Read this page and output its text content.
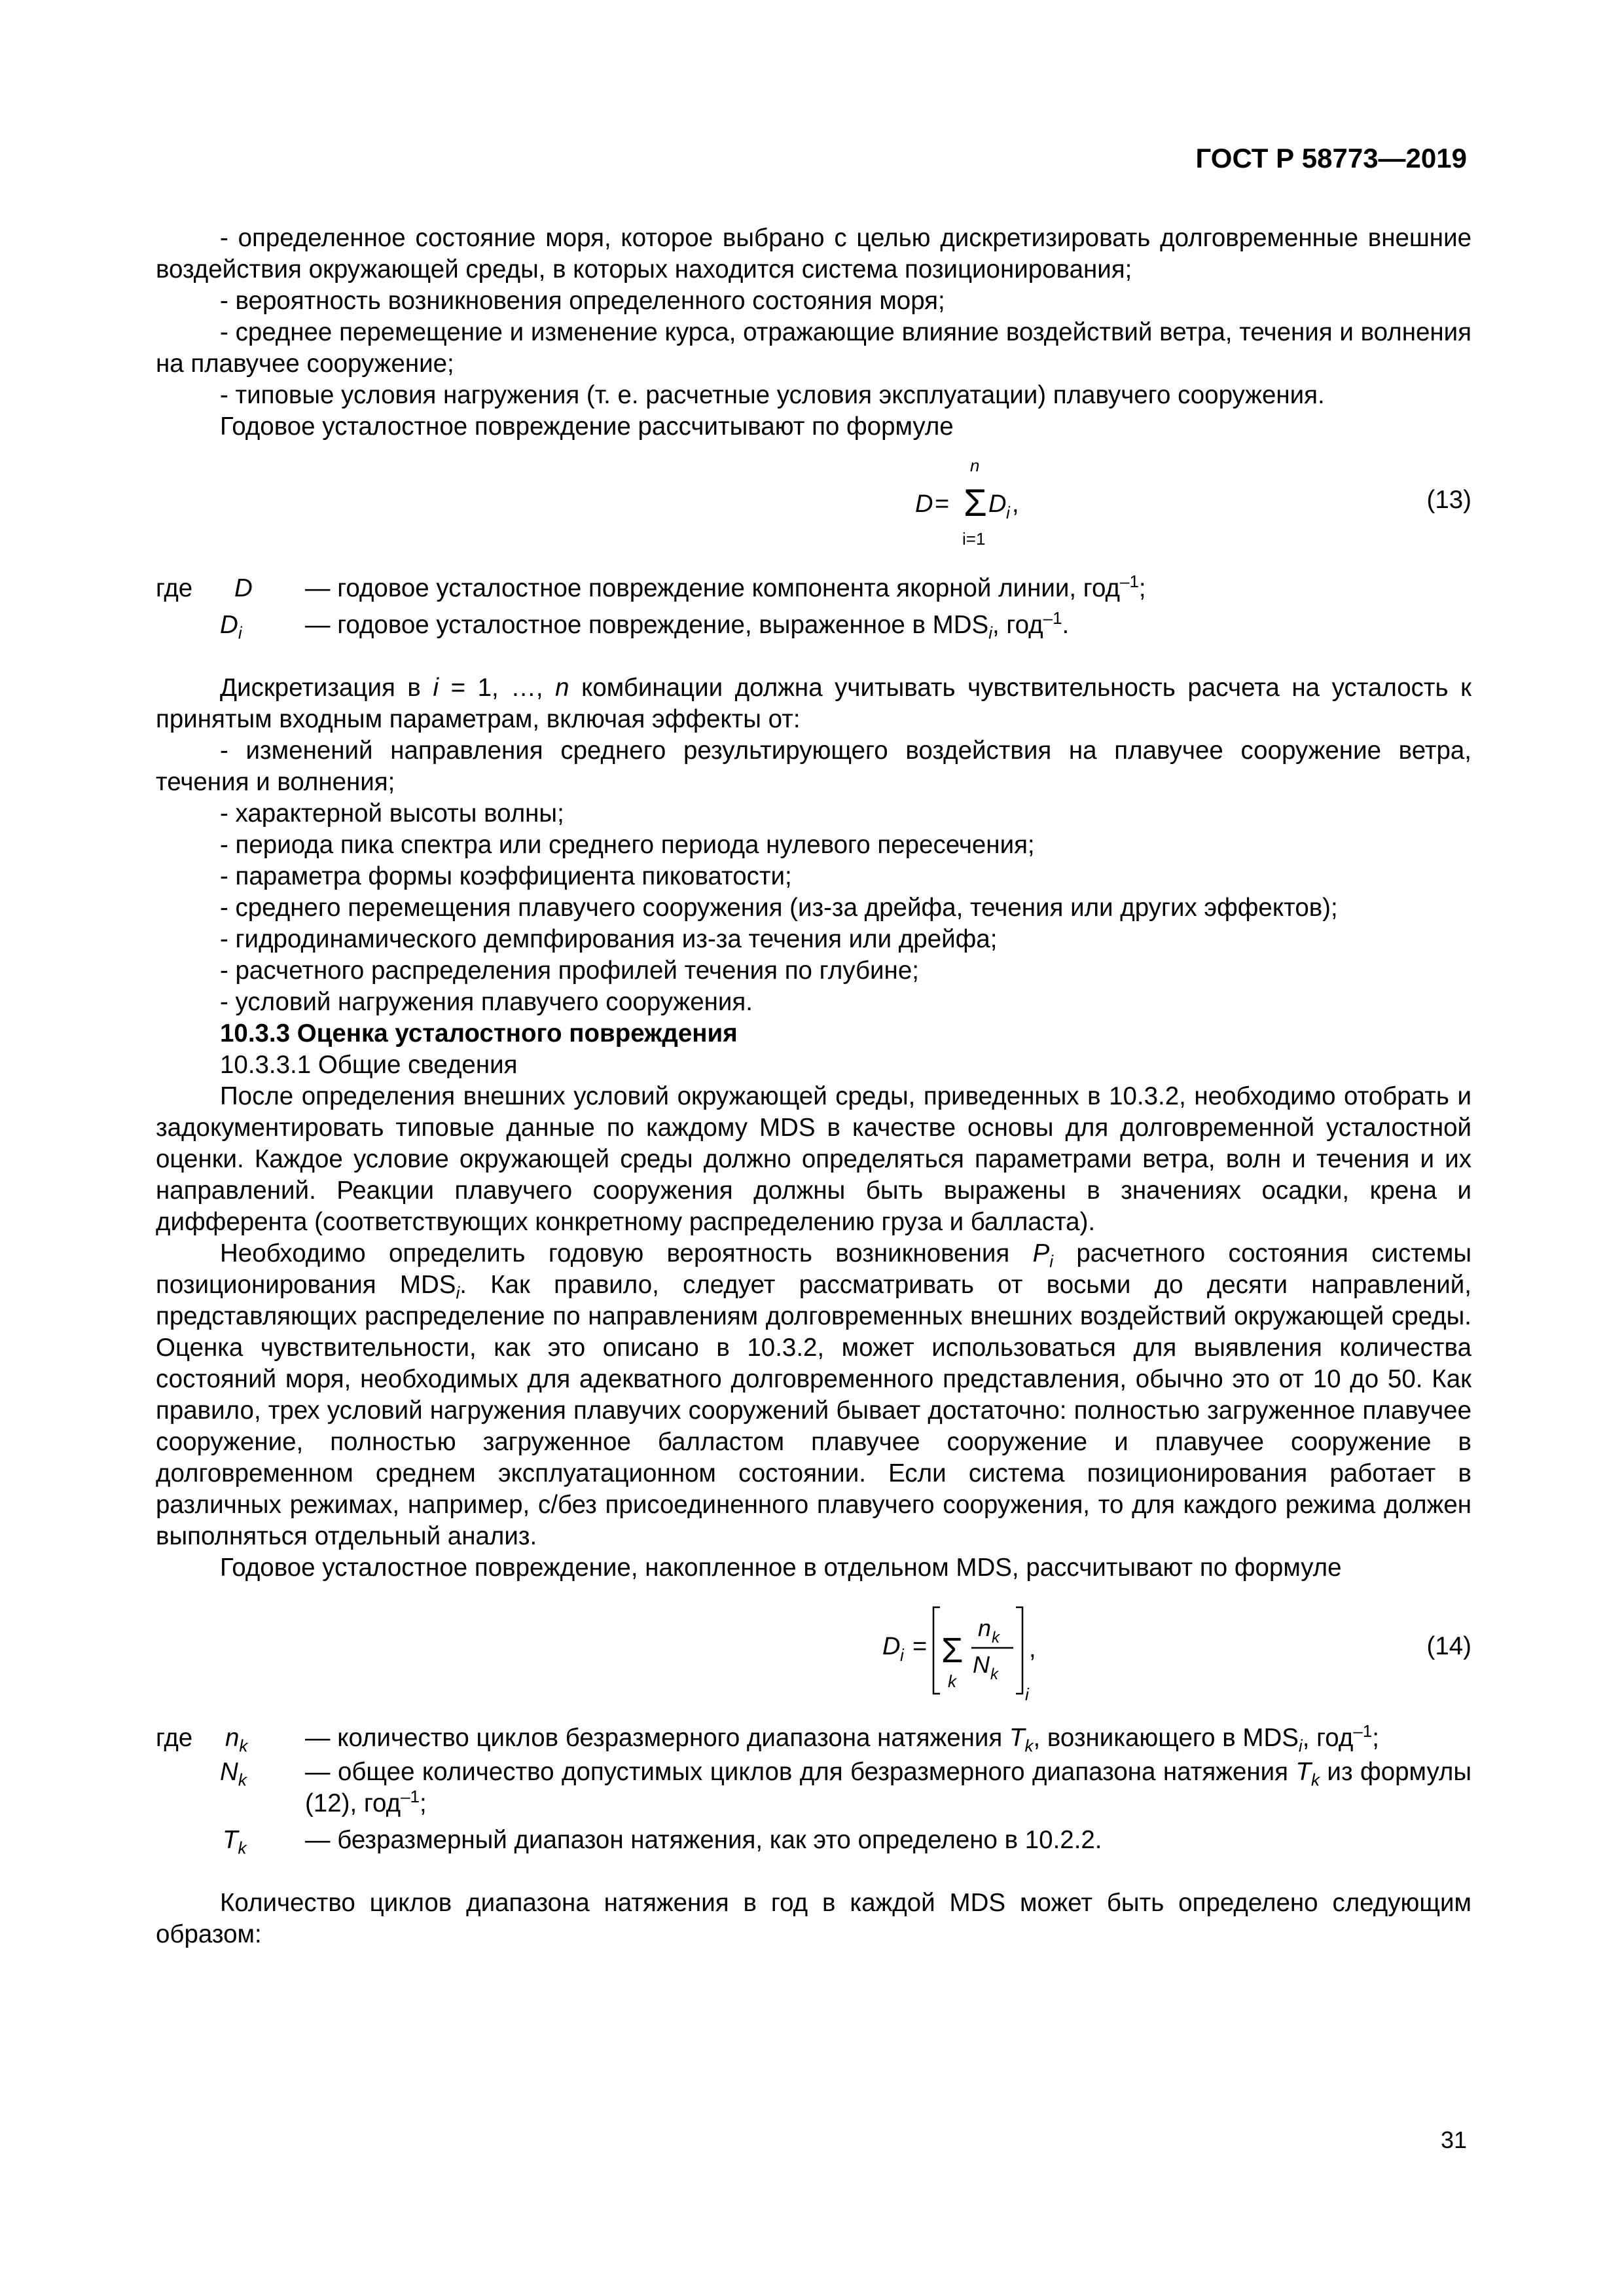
ГОСТ Р 58773—2019

- определенное состояние моря, которое выбрано с целью дискретизировать долговременные внешние воздействия окружающей среды, в которых находится система позиционирования;

- вероятность возникновения определенного состояния моря;

- среднее перемещение и изменение курса, отражающие влияние воздействий ветра, течения и волнения на плавучее сооружение;

- типовые условия нагружения (т. е. расчетные условия эксплуатации) плавучего сооружения.

Годовое усталостное повреждение рассчитывают по формуле

D =
n
Σ
i=1
D i ,	(13)

где	D	— годовое усталостное повреждение компонента якорной линии, год$^{-1}$;

$D_i$	— годовое усталостное повреждение, выраженное в $MDS_i$, год$^{-1}$.

Дискретизация в i = 1, …, n комбинации должна учитывать чувствительность расчета на усталость к принятым входным параметрам, включая эффекты от:

- изменений направления среднего результирующего воздействия на плавучее сооружение ветра, течения и волнения;

- характерной высоты волны;

- периода пика спектра или среднего периода нулевого пересечения;

- параметра формы коэффициента пиковатости;

- среднего перемещения плавучего сооружения (из-за дрейфа, течения или других эффектов);

- гидродинамического демпфирования из-за течения или дрейфа;

- расчетного распределения профилей течения по глубине;

- условий нагружения плавучего сооружения.

10.3.3 Оценка усталостного повреждения

10.3.3.1 Общие сведения

После определения внешних условий окружающей среды, приведенных в 10.3.2, необходимо отобрать и задокументировать типовые данные по каждому MDS в качестве основы для долговременной усталостной оценки. Каждое условие окружающей среды должно определяться параметрами ветра, волн и течения и их направлений. Реакции плавучего сооружения должны быть выражены в значениях осадки, крена и дифферента (соответствующих конкретному распределению груза и балласта).

Необходимо определить годовую вероятность возникновения $P_i$ расчетного состояния системы позиционирования $MDS_i$. Как правило, следует рассматривать от восьми до десяти направлений, представляющих распределение по направлениям долговременных внешних воздействий окружающей среды. Оценка чувствительности, как это описано в 10.3.2, может использоваться для выявления количества состояний моря, необходимых для адекватного долговременного представления, обычно это от 10 до 50. Как правило, трех условий нагружения плавучих сооружений бывает достаточно: полностью загруженное плавучее сооружение, полностью загруженное балластом плавучее сооружение и плавучее сооружение в долговременном среднем эксплуатационном состоянии. Если система позиционирования работает в различных режимах, например, с/без присоединенного плавучего сооружения, то для каждого режима должен выполняться отдельный анализ.

Годовое усталостное повреждение, накопленное в отдельном MDS, рассчитывают по формуле

D i = Σ
k
n k
N k
i
,	(14)

где $n_k$	— количество циклов безразмерного диапазона натяжения $T_k$, возникающего в $MDS_i$, год$^{-1}$;

$N_k$	— общее количество допустимых циклов для безразмерного диапазона натяжения $T_k$ из формулы (12), год$^{-1}$;

$T_k$	— безразмерный диапазон натяжения, как это определено в 10.2.2.

Количество циклов диапазона натяжения в год в каждой MDS может быть определено следующим образом:

31
